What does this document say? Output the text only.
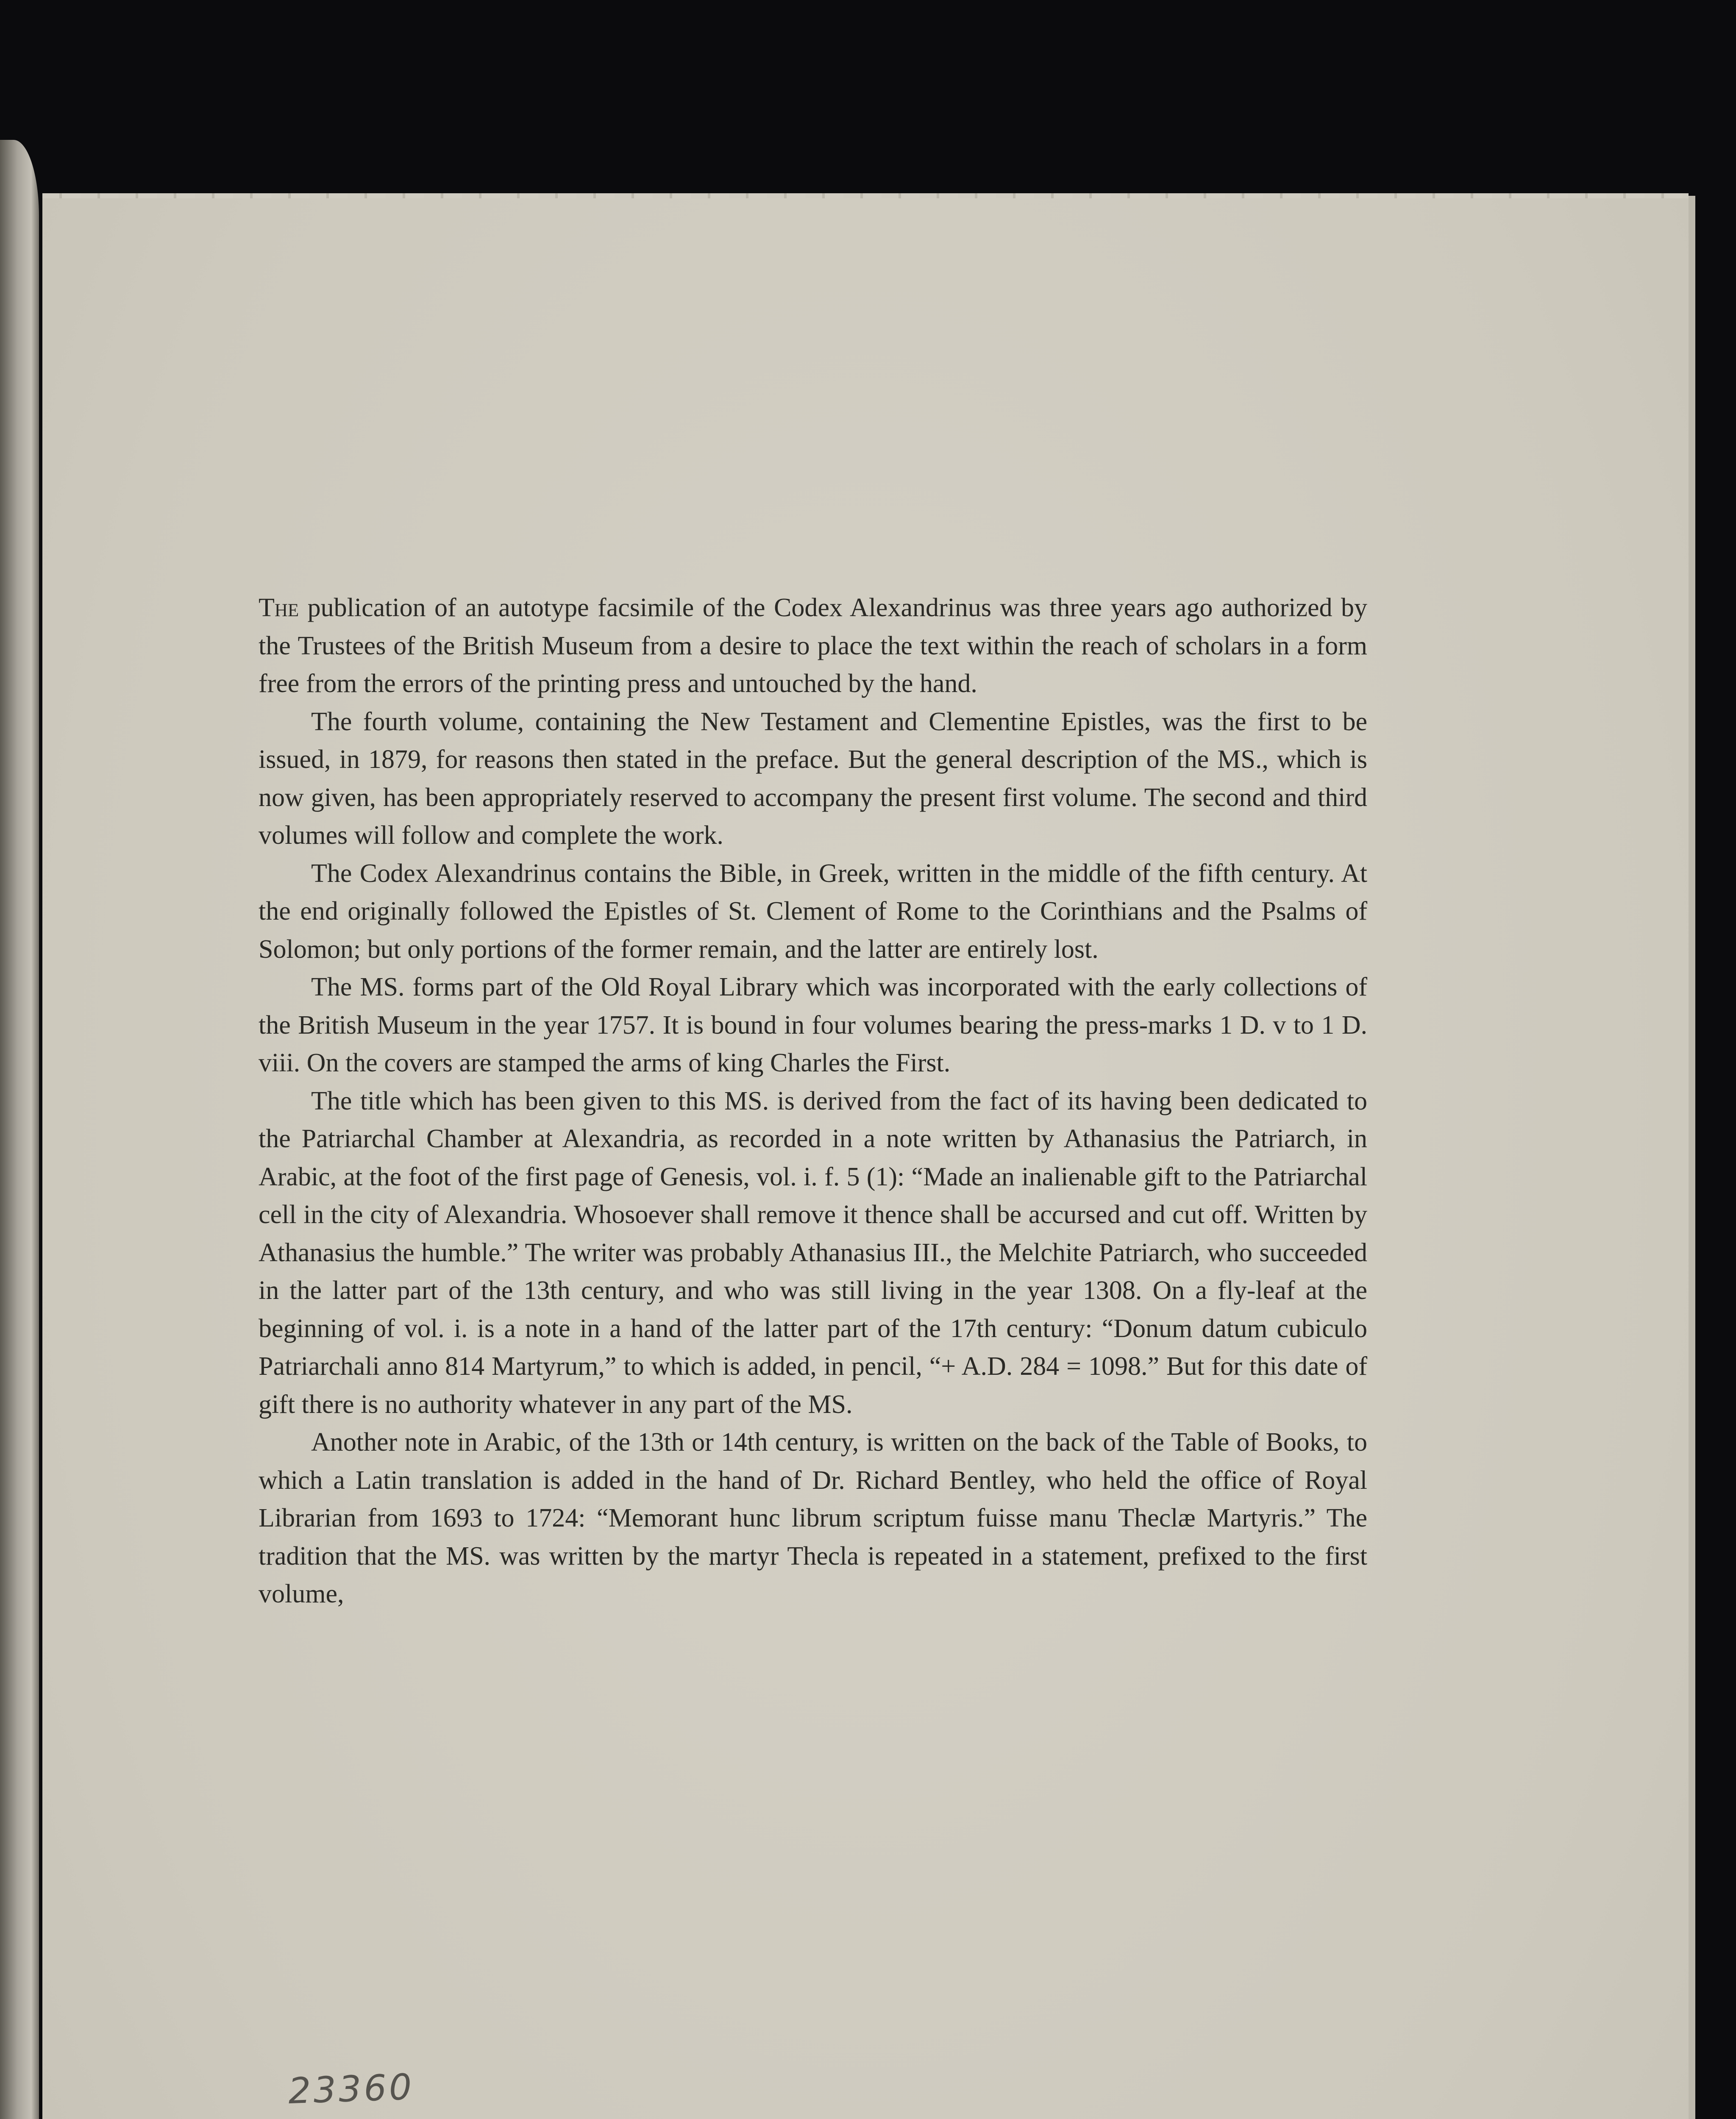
The publication of an autotype facsimile of the Codex Alexandrinus was three years ago authorized by the Trustees of the British Museum from a desire to place the text within the reach of scholars in a form free from the errors of the printing press and untouched by the hand.

The fourth volume, containing the New Testament and Clementine Epistles, was the first to be issued, in 1879, for reasons then stated in the preface. But the general description of the MS., which is now given, has been appropriately reserved to accompany the present first volume. The second and third volumes will follow and complete the work.

The Codex Alexandrinus contains the Bible, in Greek, written in the middle of the fifth century. At the end originally followed the Epistles of St. Clement of Rome to the Corinthians and the Psalms of Solomon; but only portions of the former remain, and the latter are entirely lost.

The MS. forms part of the Old Royal Library which was incorporated with the early collections of the British Museum in the year 1757. It is bound in four volumes bearing the press-marks 1 D. v to 1 D. viii. On the covers are stamped the arms of king Charles the First.

The title which has been given to this MS. is derived from the fact of its having been dedicated to the Patriarchal Chamber at Alexandria, as recorded in a note written by Athanasius the Patriarch, in Arabic, at the foot of the first page of Genesis, vol. i. f. 5 (1): “Made an inalienable gift to the Patriarchal cell in the city of Alexandria. Whosoever shall remove it thence shall be accursed and cut off. Written by Athanasius the humble.” The writer was probably Athanasius III., the Melchite Patriarch, who succeeded in the latter part of the 13th century, and who was still living in the year 1308. On a fly-leaf at the beginning of vol. i. is a note in a hand of the latter part of the 17th century: “Donum datum cubiculo Patriarchali anno 814 Martyrum,” to which is added, in pencil, “+ A.D. 284 = 1098.” But for this date of gift there is no authority whatever in any part of the MS.

Another note in Arabic, of the 13th or 14th century, is written on the back of the Table of Books, to which a Latin translation is added in the hand of Dr. Richard Bentley, who held the office of Royal Librarian from 1693 to 1724: “Memorant hunc librum scriptum fuisse manu Theclæ Martyris.” The tradition that the MS. was written by the martyr Thecla is repeated in a statement, prefixed to the first volume,

23360
